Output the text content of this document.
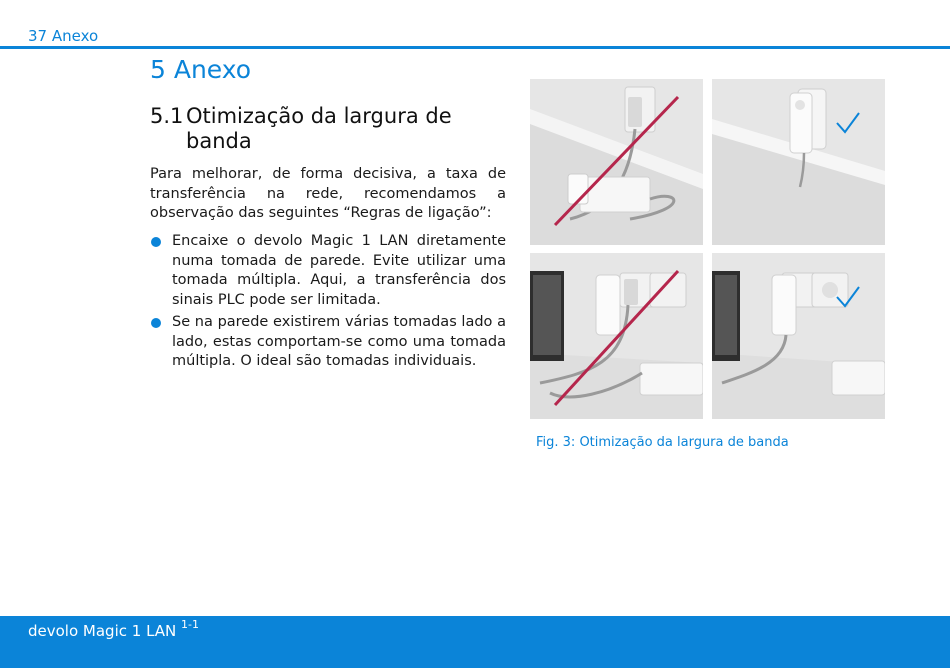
37 Anexo
5 Anexo
5.1 Otimização da largura de banda
Para melhorar, de forma decisiva, a taxa de transferência na rede, recomendamos a observação das seguintes “Regras de ligação”:
Encaixe o devolo Magic 1 LAN diretamente numa tomada de parede. Evite utilizar uma tomada múltipla. Aqui, a transferência dos sinais PLC pode ser limitada.
Se na parede existirem várias tomadas lado a lado, estas comportam-se como uma tomada múltipla. O ideal são tomadas individuais.
Fig. 3: Otimização da largura de banda
devolo Magic 1 LAN $^{1-1}$
